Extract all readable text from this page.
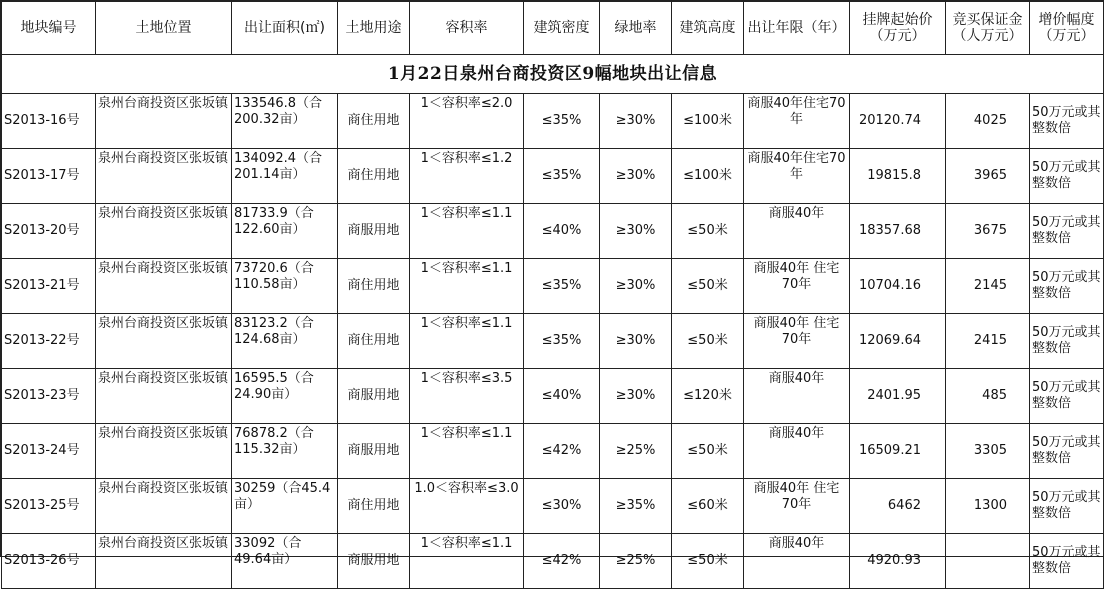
1月22日泉州台商投资区9幅地块出让信息											
地块编号	土地位置	出让面积(㎡)	土地用途	容积率	建筑密度	绿地率	建筑高度	出让年限（年）	挂牌起始价（万元）	竞买保证金（人万元）	增价幅度（万元）
S2013-16号	泉州台商投资区张坂镇	133546.8（合200.32亩）	商住用地	1＜容积率≤2.0	≤35%	≥30%	≤100米	商服40年住宅70年	20120.74	4025	50万元或其整数倍
S2013-17号	泉州台商投资区张坂镇	134092.4（合201.14亩）	商住用地	1＜容积率≤1.2	≤35%	≥30%	≤100米	商服40年住宅70年	19815.8	3965	50万元或其整数倍
S2013-20号	泉州台商投资区张坂镇	81733.9（合122.60亩）	商服用地	1＜容积率≤1.1	≤40%	≥30%	≤50米	商服40年	18357.68	3675	50万元或其整数倍
S2013-21号	泉州台商投资区张坂镇	73720.6（合110.58亩）	商住用地	1＜容积率≤1.1	≤35%	≥30%	≤50米	商服40年 住宅70年	10704.16	2145	50万元或其整数倍
S2013-22号	泉州台商投资区张坂镇	83123.2（合124.68亩）	商住用地	1＜容积率≤1.1	≤35%	≥30%	≤50米	商服40年 住宅70年	12069.64	2415	50万元或其整数倍
S2013-23号	泉州台商投资区张坂镇	16595.5（合24.90亩）	商服用地	1＜容积率≤3.5	≤40%	≥30%	≤120米	商服40年	2401.95	485	50万元或其整数倍
S2013-24号	泉州台商投资区张坂镇	76878.2（合115.32亩）	商服用地	1＜容积率≤1.1	≤42%	≥25%	≤50米	商服40年	16509.21	3305	50万元或其整数倍
S2013-25号	泉州台商投资区张坂镇	30259（合45.4亩）	商住用地	1.0＜容积率≤3.0	≤30%	≥35%	≤60米	商服40年 住宅70年	6462	1300	50万元或其整数倍
S2013-26号	泉州台商投资区张坂镇	33092（合49.64亩）	商服用地	1＜容积率≤1.1	≤42%	≥25%	≤50米	商服40年	4920.93		50万元或其整数倍
